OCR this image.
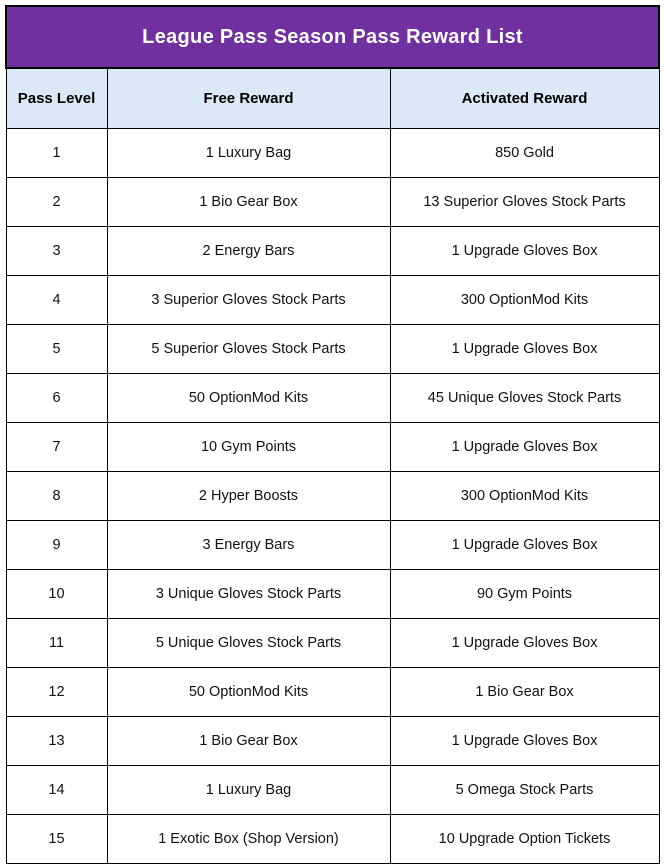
League Pass Season Pass Reward List		
Pass Level	Free Reward	Activated Reward
1	1 Luxury Bag	850 Gold
2	1 Bio Gear Box	13 Superior Gloves Stock Parts
3	2 Energy Bars	1 Upgrade Gloves Box
4	3 Superior Gloves Stock Parts	300 OptionMod Kits
5	5 Superior Gloves Stock Parts	1 Upgrade Gloves Box
6	50 OptionMod Kits	45 Unique Gloves Stock Parts
7	10 Gym Points	1 Upgrade Gloves Box
8	2 Hyper Boosts	300 OptionMod Kits
9	3 Energy Bars	1 Upgrade Gloves Box
10	3 Unique Gloves Stock Parts	90 Gym Points
11	5 Unique Gloves Stock Parts	1 Upgrade Gloves Box
12	50 OptionMod Kits	1 Bio Gear Box
13	1 Bio Gear Box	1 Upgrade Gloves Box
14	1 Luxury Bag	5 Omega Stock Parts
15	1 Exotic Box (Shop Version)	10 Upgrade Option Tickets
